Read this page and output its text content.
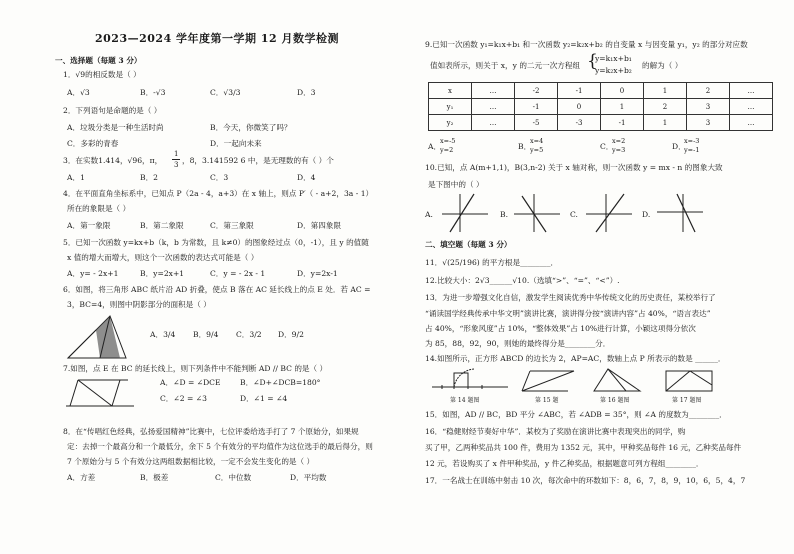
2023—2024 学年度第一学期 12 月数学检测
一、选择题（每题 3 分）
1．√9的相反数是（ ）
A．√3	B．-√3	C．√3/3	D．3
2．下列语句是命题的是（ ）
A．垃圾分类是一种生活时尚	B．今天，你微笑了吗？
C．多彩的青春	D．一起向未来
3．在实数1.414，√96，π，
1
3 ，8，3.141592 6 中，是无理数的有（ ）个
A．1	B．2	C．3	D．4
4．在平面直角坐标系中，已知点 P（2a - 4，a+3）在 x 轴上，则点 P′（ - a+2，3a - 1）
所在的象限是（ ）
A．第一象限	B．第二象限	C．第三象限	D．第四象限
5．已知一次函数 y=kx+b（k，b 为常数，且 k≠0）的图象经过点（0，-1），且 y 的值随
x 值的增大而增大，则这个一次函数的表达式可能是（ ）
A．y= - 2x+1	B．y=2x+1	C．y = - 2x - 1	D．y=2x-1
6．如图，将三角形 ABC 纸片沿 AD 折叠，使点 B 落在 AC 延长线上的点 E 处．若 AC =
3，BC=4，则图中阴影部分的面积是（ ）
A．3/4 B．9/4 C．3/2 D．9/2
7.如图，点 E 在 BC 的延长线上，则下列条件中不能判断 AD // BC 的是（ ）
A．∠D = ∠DCE	B．∠D+∠DCB=180°
C．∠2 = ∠3	D．∠1 = ∠4
8．在“传唱红色经典，弘扬爱国精神”比赛中，七位评委给选手打了 7 个原始分，如果规
定：去掉一个最高分和一个最低分，余下 5 个有效分的平均值作为这位选手的最后得分，则
7 个原始分与 5 个有效分这两组数据相比较，一定不会发生变化的是（ ）
A．方差	B．极差	C．中位数	D．平均数
9.已知一次函数 y₁=k₁x+b₁ 和一次函数 y₂=k₂x+b₂ 的自变量 x 与因变量 y₁，y₂ 的部分对应数
值如表所示，则关于 x，y 的二元一次方程组 {
y=k₁x+b₁
y=k₂x+b₂
的解为（ ）
x	…	-2	-1	0	1	2	…
y₁	…	-1	0	1	2	3	…
y₂	…	-5	-3	-1	1	3	…
A．
x=-5
y=2	B．
x=4
y=5	C．
x=2
y=3	D．
x=-3
y=-1
10.已知，点 A(m+1,1)，B(3,n-2) 关于 x 轴对称，则一次函数 y = mx - n 的图象大致
是下图中的（ ）
A.	B.	C.	D.
二、填空题（每题 3 分）
11．√(25/196) 的平方根是________．
12.比较大小：2√3______√10.（选填“>”、“=”、“<”）.
13．为进一步增强文化自信，激发学生阅读优秀中华传统文化的历史责任，某校举行了
“诵读国学经典传承中华文明”演讲比赛，演讲得分按“演讲内容”占 40%，“语言表达”
占 40%，“形象风度”占 10%，“整体效果”占 10%进行计算，小颖这项得分依次
为 85，88，92，90，则她的最终得分是________分．
14.如图所示，正方形 ABCD 的边长为 2，AP=AC，数轴上点 P 所表示的数是 ______．
第 14 题图	第 15 题	第 16 题图	第 17 题图
15．如图，AD // BC，BD 平分 ∠ABC，若 ∠ADB = 35°，则 ∠A 的度数为________．
16．“稳健财经节奏好中华”．某校为了奖励在演讲比赛中表现突出的同学，购
买了甲，乙两种奖品共 100 件，费用为 1352 元，其中，甲种奖品每件 16 元，乙种奖品每件
12 元，若设购买了 x 件甲种奖品，y 件乙种奖品，根据题意可列方程组________．
17．一名战士在训练中射击 10 次，每次命中的环数如下：8，6，7，8，9，10，6，5，4，7
